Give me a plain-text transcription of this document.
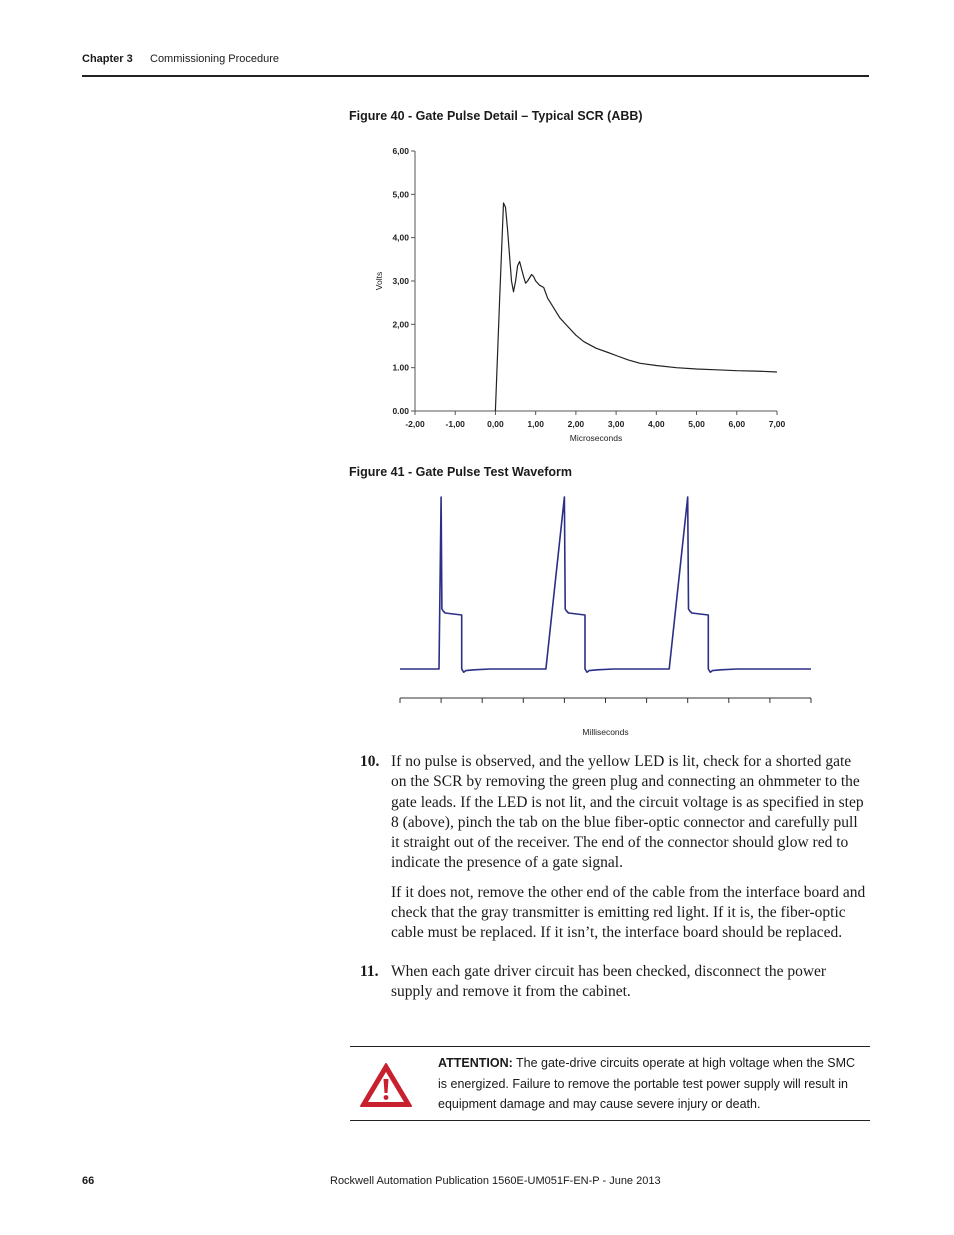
Chapter 3 Commissioning Procedure
Figure 40 - Gate Pulse Detail – Typical SCR (ABB)
-2,00 -1,00	0,00	1,00	2,00	3,00	4,00	5,00	6,00	7,00
0.00
1.00
2,00
3,00
4,00
5,00
6,00
Microseconds
Volts
Figure 41 - Gate Pulse Test Waveform
Milliseconds
10. If no pulse is observed, and the yellow LED is lit, check for a shorted gate on the SCR by removing the green plug and connecting an ohmmeter to the gate leads. If the LED is not lit, and the circuit voltage is as specified in step 8 (above), pinch the tab on the blue fiber-optic connector and carefully pull it straight out of the receiver. The end of the connector should glow red to indicate the presence of a gate signal.

If it does not, remove the other end of the cable from the interface board and check that the gray transmitter is emitting red light. If it is, the fiber-optic cable must be replaced. If it isn’t, the interface board should be replaced.

11. When each gate driver circuit has been checked, disconnect the power supply and remove it from the cabinet.

ATTENTION: The gate-drive circuits operate at high voltage when the SMC is energized. Failure to remove the portable test power supply will result in equipment damage and may cause severe injury or death.
66	Rockwell Automation Publication 1560E-UM051F-EN-P - June 2013
